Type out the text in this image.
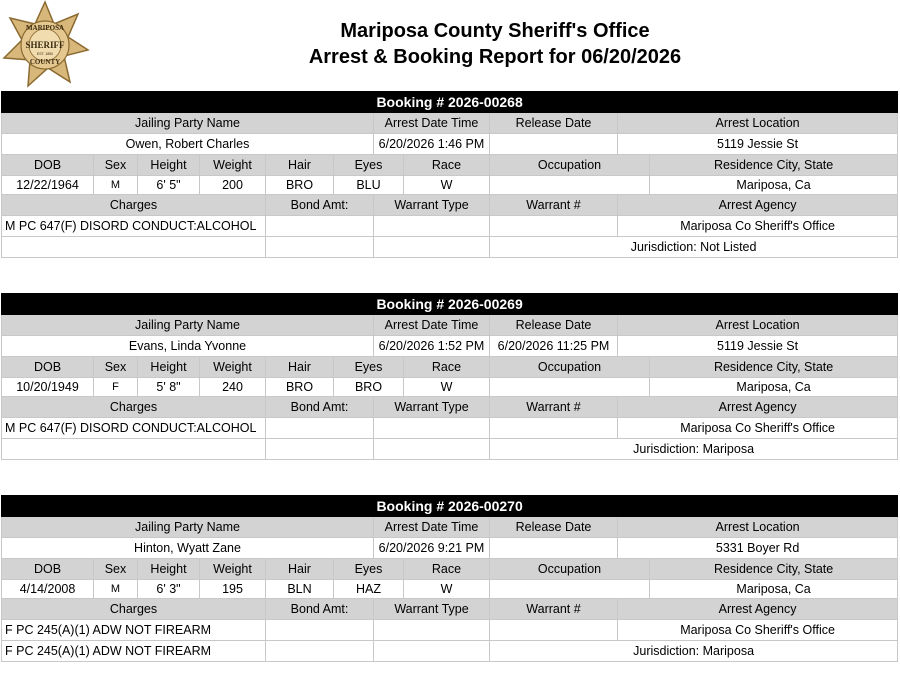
MARIPOSA
SHERIFF
EST. 1850
COUNTY
Mariposa County Sheriff's Office
Arrest & Booking Report for 06/20/2026
Booking # 2026-00268										
Jailing Party Name						Arrest Date Time		Release Date	Arrest Location	
Owen, Robert Charles						6/20/2026 1:46 PM			5119 Jessie St	
DOB	Sex	Height	Weight	Hair	Eyes		Race	Occupation		Residence City, State
12/22/1964	M	6' 5"	200	BRO	BLU		W			Mariposa, Ca
Charges				Bond Amt:		Warrant Type		Warrant #	Arrest Agency	
M PC 647(F) DISORD CONDUCT:ALCOHOL									Mariposa Co Sheriff's Office	
								Jurisdiction: Not Listed		
Booking # 2026-00269										
Jailing Party Name						Arrest Date Time		Release Date	Arrest Location	
Evans, Linda Yvonne						6/20/2026 1:52 PM		6/20/2026 11:25 PM	5119 Jessie St	
DOB	Sex	Height	Weight	Hair	Eyes		Race	Occupation		Residence City, State
10/20/1949	F	5' 8"	240	BRO	BRO		W			Mariposa, Ca
Charges				Bond Amt:		Warrant Type		Warrant #	Arrest Agency	
M PC 647(F) DISORD CONDUCT:ALCOHOL									Mariposa Co Sheriff's Office	
								Jurisdiction: Mariposa		
Booking # 2026-00270										
Jailing Party Name						Arrest Date Time		Release Date	Arrest Location	
Hinton, Wyatt Zane						6/20/2026 9:21 PM			5331 Boyer Rd	
DOB	Sex	Height	Weight	Hair	Eyes		Race	Occupation		Residence City, State
4/14/2008	M	6' 3"	195	BLN	HAZ		W			Mariposa, Ca
Charges				Bond Amt:		Warrant Type		Warrant #	Arrest Agency	
F PC 245(A)(1) ADW NOT FIREARM									Mariposa Co Sheriff's Office	
F PC 245(A)(1) ADW NOT FIREARM								Jurisdiction: Mariposa		
